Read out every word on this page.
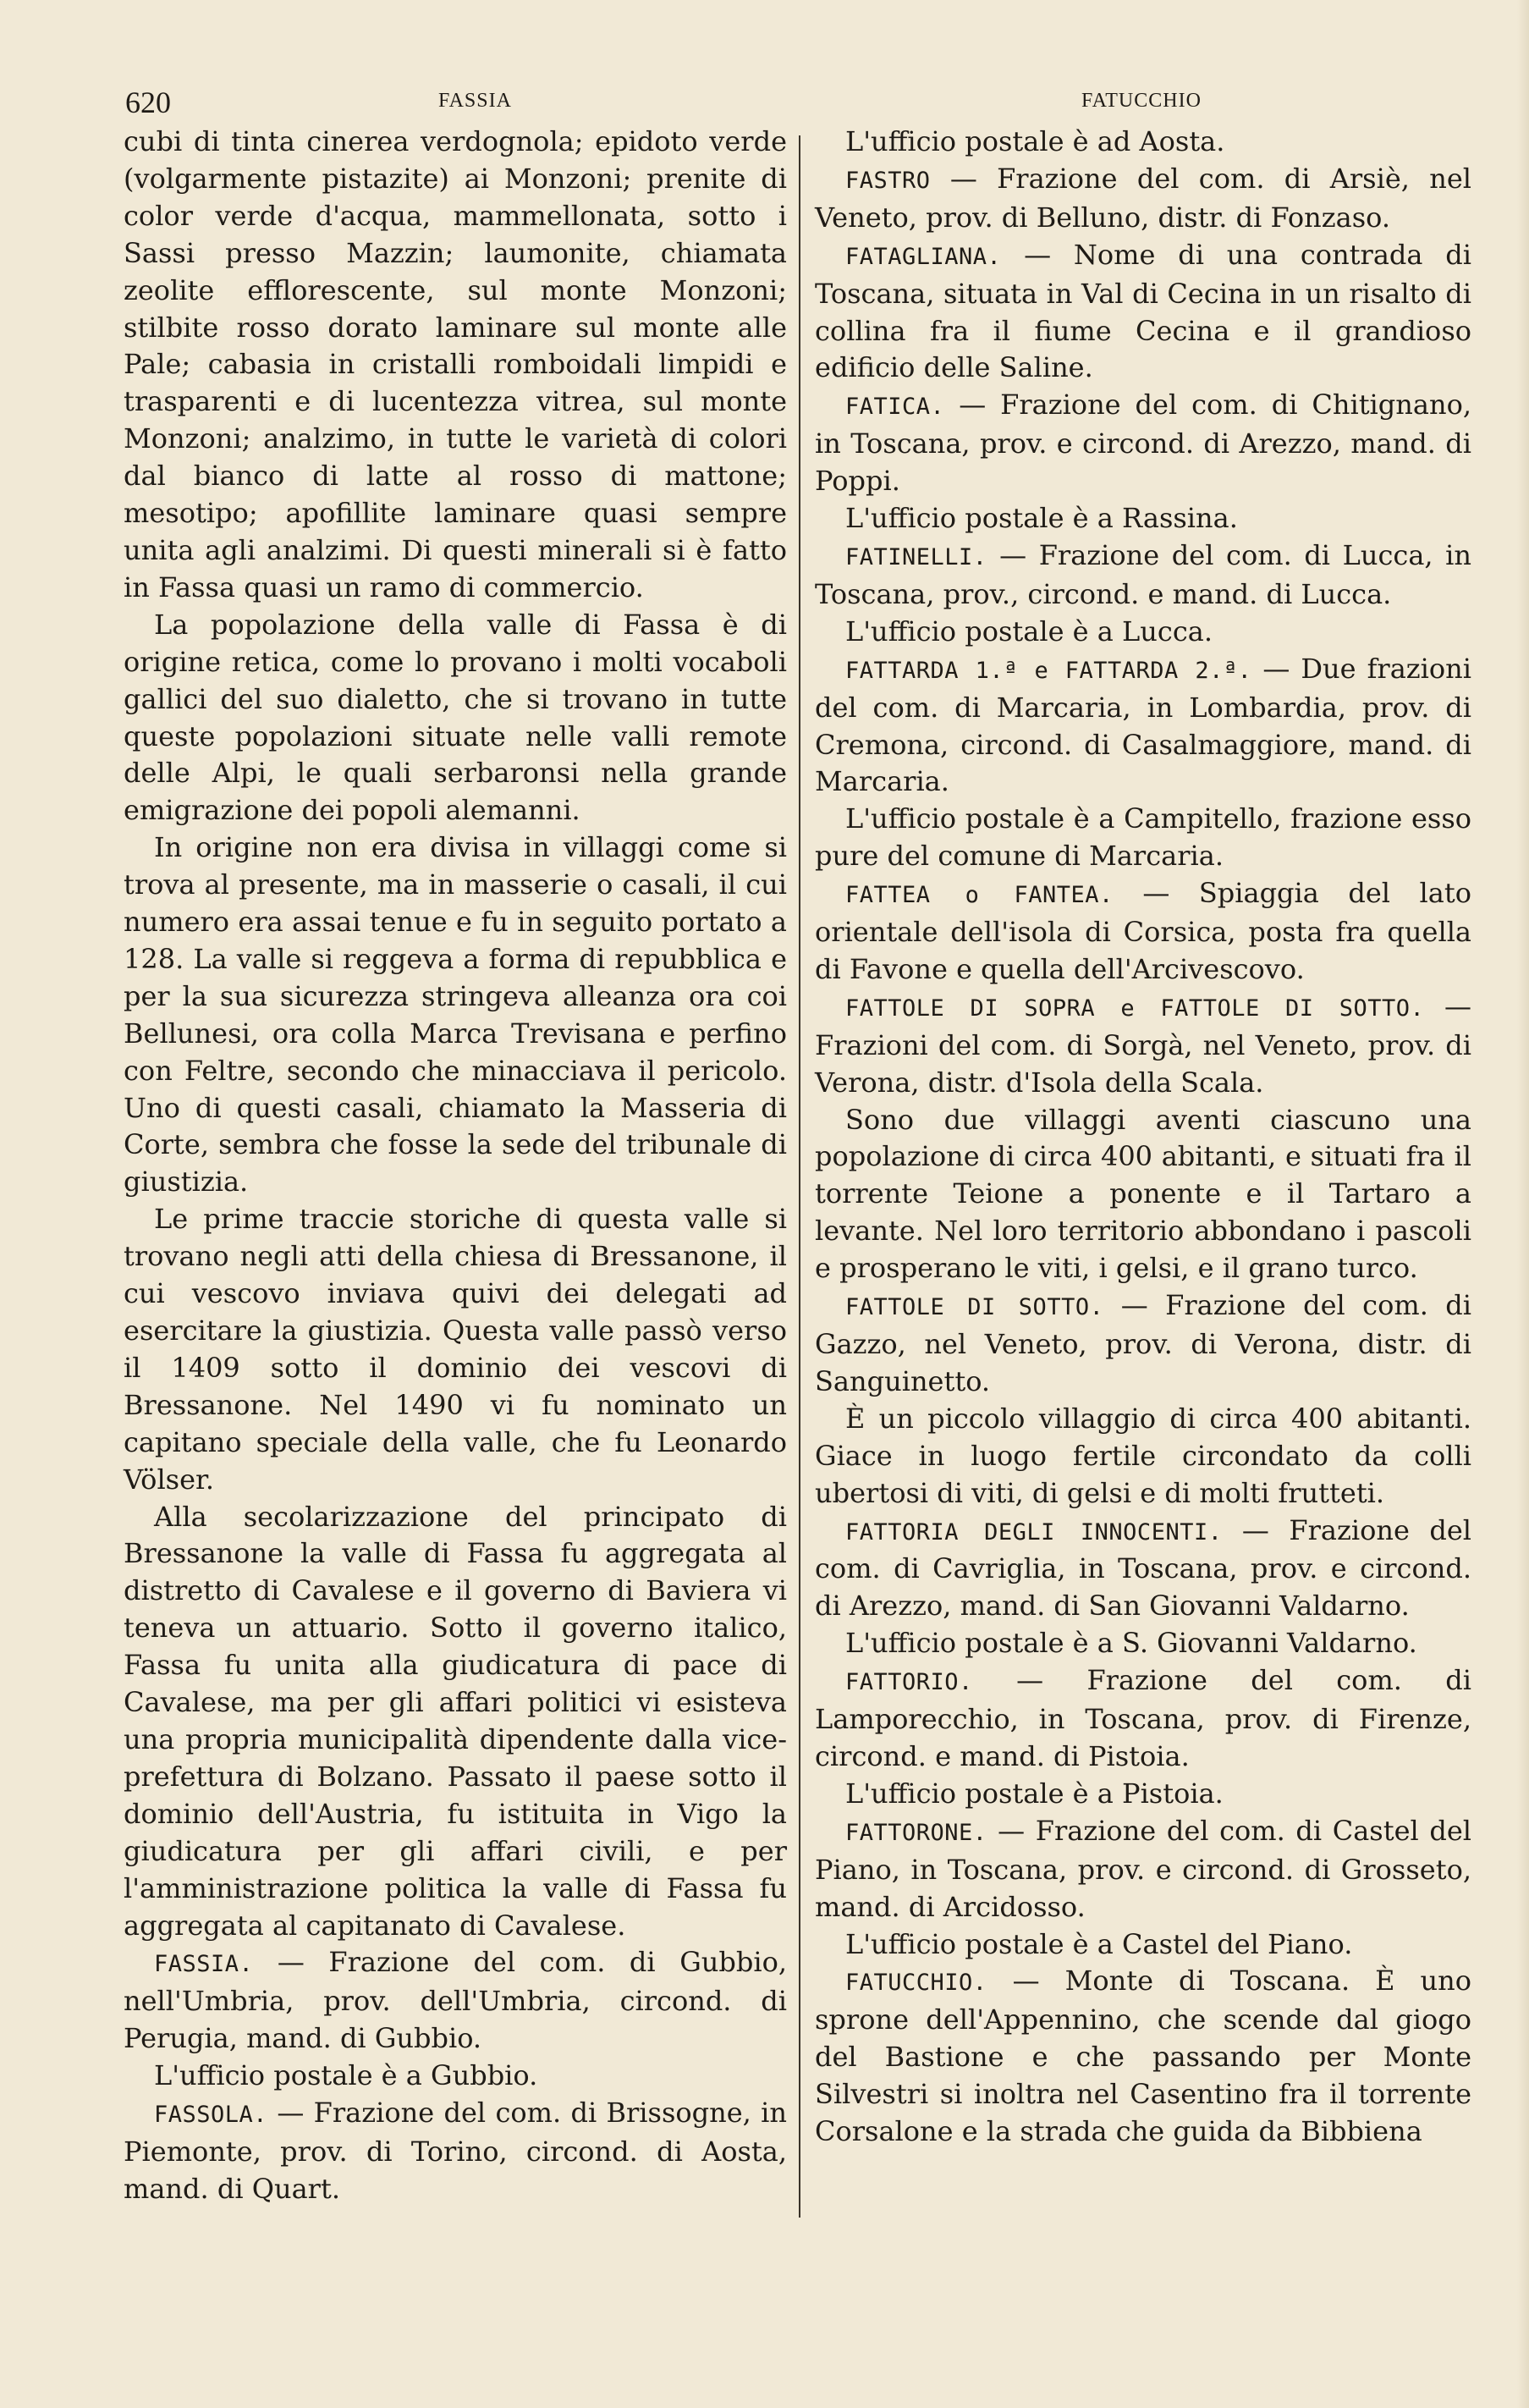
620	FASSIA	FATUCCHIO

cubi di tinta cinerea verdognola; epidoto verde (volgarmente pistazite) ai Monzoni; prenite di color verde d'acqua, mammellonata, sotto i Sassi presso Mazzin; laumonite, chiamata zeolite efflorescente, sul monte Monzoni; stilbite rosso dorato laminare sul monte alle Pale; cabasia in cristalli romboidali limpidi e trasparenti e di lucentezza vitrea, sul monte Monzoni; analzimo, in tutte le varietà di colori dal bianco di latte al rosso di mattone; mesotipo; apofillite laminare quasi sempre unita agli analzimi. Di questi minerali si è fatto in Fassa quasi un ramo di commercio.

La popolazione della valle di Fassa è di origine retica, come lo provano i molti vocaboli gallici del suo dialetto, che si trovano in tutte queste popolazioni situate nelle valli remote delle Alpi, le quali serbaronsi nella grande emigrazione dei popoli alemanni.

In origine non era divisa in villaggi come si trova al presente, ma in masserie o casali, il cui numero era assai tenue e fu in seguito portato a 128. La valle si reggeva a forma di repubblica e per la sua sicurezza stringeva alleanza ora coi Bellunesi, ora colla Marca Trevisana e perfino con Feltre, secondo che minacciava il pericolo. Uno di questi casali, chiamato la Masseria di Corte, sembra che fosse la sede del tribunale di giustizia.

Le prime traccie storiche di questa valle si trovano negli atti della chiesa di Bressanone, il cui vescovo inviava quivi dei delegati ad esercitare la giustizia. Questa valle passò verso il 1409 sotto il dominio dei vescovi di Bressanone. Nel 1490 vi fu nominato un capitano speciale della valle, che fu Leonardo Völser.

Alla secolarizzazione del principato di Bressanone la valle di Fassa fu aggregata al distretto di Cavalese e il governo di Baviera vi teneva un attuario. Sotto il governo italico, Fassa fu unita alla giudicatura di pace di Cavalese, ma per gli affari politici vi esisteva una propria municipalità dipendente dalla vice-prefettura di Bolzano. Passato il paese sotto il dominio dell'Austria, fu istituita in Vigo la giudicatura per gli affari civili, e per l'amministrazione politica la valle di Fassa fu aggregata al capitanato di Cavalese.

FASSIA. — Frazione del com. di Gubbio, nell'Umbria, prov. dell'Umbria, circond. di Perugia, mand. di Gubbio.

L'ufficio postale è a Gubbio.

FASSOLA. — Frazione del com. di Brissogne, in Piemonte, prov. di Torino, circond. di Aosta, mand. di Quart.

L'ufficio postale è ad Aosta.

FASTRO — Frazione del com. di Arsiè, nel Veneto, prov. di Belluno, distr. di Fonzaso.

FATAGLIANA. — Nome di una contrada di Toscana, situata in Val di Cecina in un risalto di collina fra il fiume Cecina e il grandioso edificio delle Saline.

FATICA. — Frazione del com. di Chitignano, in Toscana, prov. e circond. di Arezzo, mand. di Poppi.

L'ufficio postale è a Rassina.

FATINELLI. — Frazione del com. di Lucca, in Toscana, prov., circond. e mand. di Lucca.

L'ufficio postale è a Lucca.

FATTARDA 1.ª e FATTARDA 2.ª. — Due frazioni del com. di Marcaria, in Lombardia, prov. di Cremona, circond. di Casalmaggiore, mand. di Marcaria.

L'ufficio postale è a Campitello, frazione esso pure del comune di Marcaria.

FATTEA o FANTEA. — Spiaggia del lato orientale dell'isola di Corsica, posta fra quella di Favone e quella dell'Arcivescovo.

FATTOLE DI SOPRA e FATTOLE DI SOTTO. — Frazioni del com. di Sorgà, nel Veneto, prov. di Verona, distr. d'Isola della Scala.

Sono due villaggi aventi ciascuno una popolazione di circa 400 abitanti, e situati fra il torrente Teione a ponente e il Tartaro a levante. Nel loro territorio abbondano i pascoli e prosperano le viti, i gelsi, e il grano turco.

FATTOLE DI SOTTO. — Frazione del com. di Gazzo, nel Veneto, prov. di Verona, distr. di Sanguinetto.

È un piccolo villaggio di circa 400 abitanti. Giace in luogo fertile circondato da colli ubertosi di viti, di gelsi e di molti frutteti.

FATTORIA DEGLI INNOCENTI. — Frazione del com. di Cavriglia, in Toscana, prov. e circond. di Arezzo, mand. di San Giovanni Valdarno.

L'ufficio postale è a S. Giovanni Valdarno.

FATTORIO. — Frazione del com. di Lamporecchio, in Toscana, prov. di Firenze, circond. e mand. di Pistoia.

L'ufficio postale è a Pistoia.

FATTORONE. — Frazione del com. di Castel del Piano, in Toscana, prov. e circond. di Grosseto, mand. di Arcidosso.

L'ufficio postale è a Castel del Piano.

FATUCCHIO. — Monte di Toscana. È uno sprone dell'Appennino, che scende dal giogo del Bastione e che passando per Monte Silvestri si inoltra nel Casentino fra il torrente Corsalone e la strada che guida da Bibbiena
